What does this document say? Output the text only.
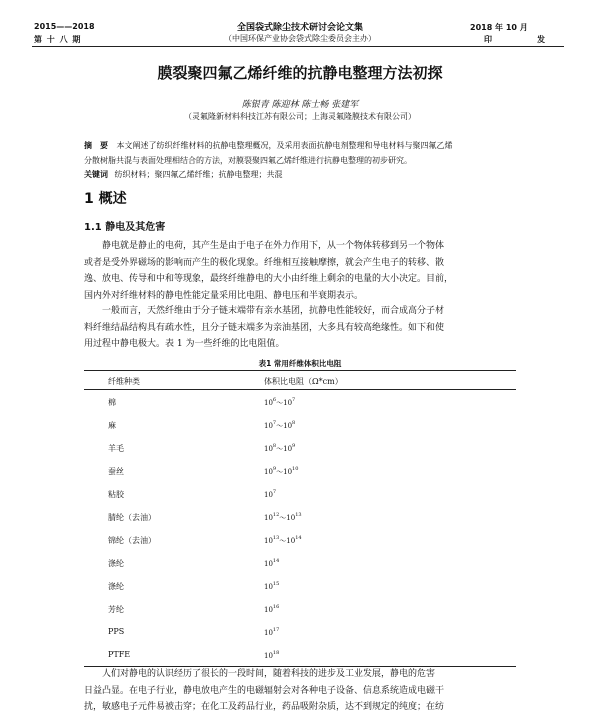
2015——2018
第 十 八 期
全国袋式除尘技术研讨会论文集
（中国环保产业协会袋式除尘委员会主办）
2018 年 10 月
印	发
膜裂聚四氟乙烯纤维的抗静电整理方法初探
陈银青 陈迎林 陈士畅 张建军
（灵氟隆新材料科技江苏有限公司；上海灵氟隆膜技术有限公司）
摘　要 本文阐述了纺织纤维材料的抗静电整理概况，及采用表面抗静电剂整理和导电材料与聚四氟乙烯
分散树脂共混与表面处理相结合的方法，对膜裂聚四氟乙烯纤维进行抗静电整理的初步研究。
关键词 纺织材料；聚四氟乙烯纤维；抗静电整理；共混
1 概述
1.1 静电及其危害
静电就是静止的电荷，其产生是由于电子在外力作用下，从一个物体转移到另一个物体
或者是受外界磁场的影响而产生的极化现象。纤维相互接触摩擦，就会产生电子的转移、散
逸、放电、传导和中和等现象，最终纤维静电的大小由纤维上剩余的电量的大小决定。目前，
国内外对纤维材料的静电性能定量采用比电阻、静电压和半衰期表示。
一般而言，天然纤维由于分子链末端带有亲水基团，抗静电性能较好，而合成高分子材
料纤维结晶结构具有疏水性，且分子链末端多为亲油基团，大多具有较高绝缘性。如下和使
用过程中静电极大。表 1 为一些纤维的比电阻值。
表1 常用纤维体积比电阻
纤维种类	体积比电阻（Ω*cm）
棉	$10^6\sim 10^7$
麻	$10^7\sim 10^8$
羊毛	$10^8\sim 10^9$
蚕丝	$10^9\sim 10^{10}$
粘胶	$10^7$
腈纶（去油）	$10^{12}\sim 10^{13}$
锦纶（去油）	$10^{13}\sim 10^{14}$
涤纶	$10^{14}$
涤纶	$10^{15}$
芳纶	$10^{16}$
PPS	$10^{17}$
PTFE	$10^{18}$
人们对静电的认识经历了很长的一段时间，随着科技的进步及工业发展，静电的危害
日益凸显。在电子行业，静电放电产生的电磁辐射会对各种电子设备、信息系统造成电磁干
扰，敏感电子元件易被击穿；在化工及药品行业，药品吸附杂质，达不到规定的纯度；在纺
